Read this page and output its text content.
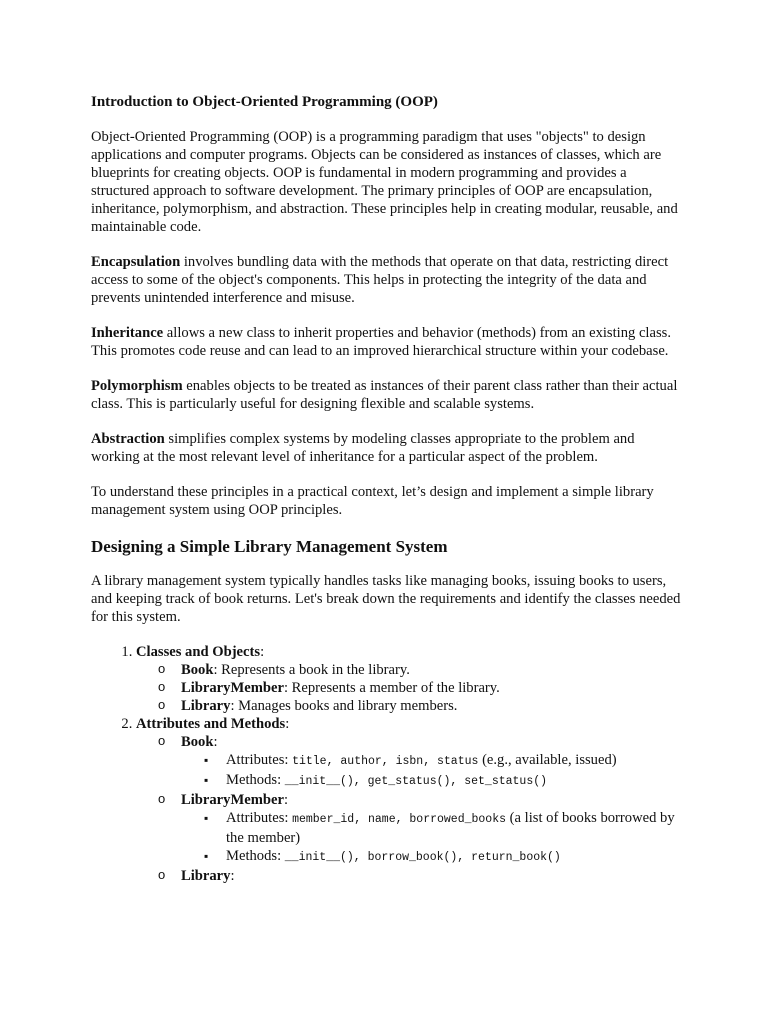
Introduction to Object-Oriented Programming (OOP)

Object-Oriented Programming (OOP) is a programming paradigm that uses "objects" to design applications and computer programs. Objects can be considered as instances of classes, which are blueprints for creating objects. OOP is fundamental in modern programming and provides a structured approach to software development. The primary principles of OOP are encapsulation, inheritance, polymorphism, and abstraction. These principles help in creating modular, reusable, and maintainable code.

Encapsulation involves bundling data with the methods that operate on that data, restricting direct access to some of the object's components. This helps in protecting the integrity of the data and prevents unintended interference and misuse.

Inheritance allows a new class to inherit properties and behavior (methods) from an existing class. This promotes code reuse and can lead to an improved hierarchical structure within your codebase.

Polymorphism enables objects to be treated as instances of their parent class rather than their actual class. This is particularly useful for designing flexible and scalable systems.

Abstraction simplifies complex systems by modeling classes appropriate to the problem and working at the most relevant level of inheritance for a particular aspect of the problem.

To understand these principles in a practical context, let’s design and implement a simple library management system using OOP principles.

Designing a Simple Library Management System

A library management system typically handles tasks like managing books, issuing books to users, and keeping track of book returns. Let's break down the requirements and identify the classes needed for this system.

1. Classes and Objects:
o Book: Represents a book in the library.
o LibraryMember: Represents a member of the library.
o Library: Manages books and library members.
2. Attributes and Methods:
o Book:
▪ Attributes: title, author, isbn, status (e.g., available, issued)
▪ Methods: __init__(), get_status(), set_status()
o LibraryMember:
▪ Attributes: member_id, name, borrowed_books (a list of books borrowed by the member)
▪ Methods: __init__(), borrow_book(), return_book()
o Library:
